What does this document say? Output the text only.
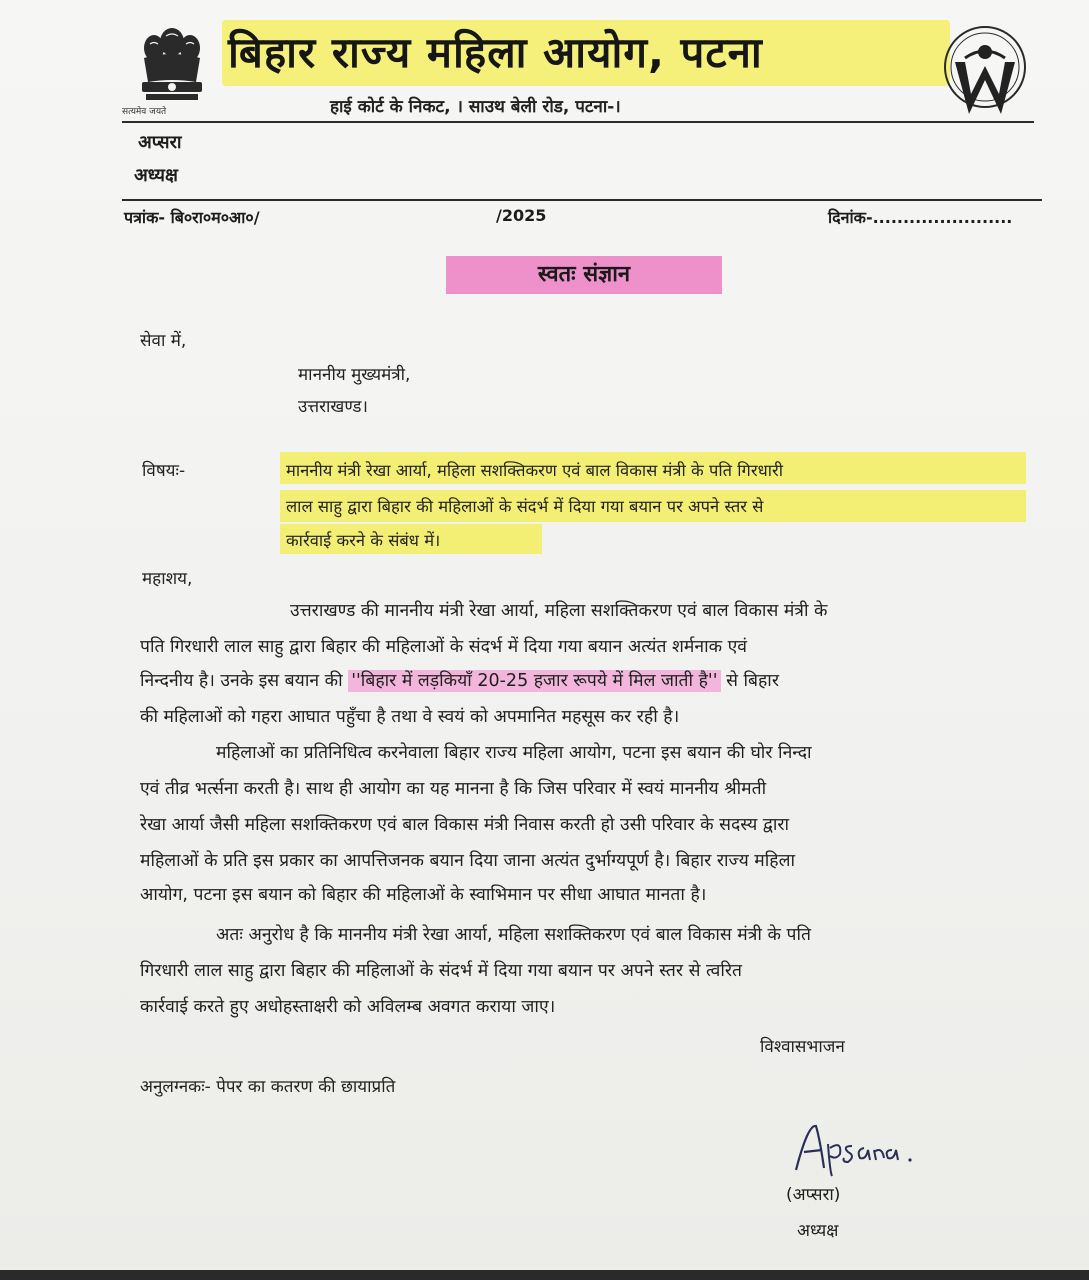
सत्यमेव जयते
बिहार राज्य महिला आयोग, पटना
हाई कोर्ट के निकट, । साउथ बेली रोड, पटना-।
अप्सरा
अध्यक्ष
पत्रांक- बि०रा०म०आ०/	/2025	दिनांक-.......................
स्वतः संज्ञान
सेवा में,
माननीय मुख्यमंत्री,
उत्तराखण्ड।
विषयः-	माननीय मंत्री रेखा आर्या, महिला सशक्तिकरण एवं बाल विकास मंत्री के पति गिरधारी
लाल साहु द्वारा बिहार की महिलाओं के संदर्भ में दिया गया बयान पर अपने स्तर से
कार्रवाई करने के संबंध में।
महाशय,
उत्तराखण्ड की माननीय मंत्री रेखा आर्या, महिला सशक्तिकरण एवं बाल विकास मंत्री के
पति गिरधारी लाल साहु द्वारा बिहार की महिलाओं के संदर्भ में दिया गया बयान अत्यंत शर्मनाक एवं
निन्दनीय है। उनके इस बयान की ''बिहार में लड़कियाँ 20-25 हजार रूपये में मिल जाती है'' से बिहार
की महिलाओं को गहरा आघात पहुँचा है तथा वे स्वयं को अपमानित महसूस कर रही है।
महिलाओं का प्रतिनिधित्व करनेवाला बिहार राज्य महिला आयोग, पटना इस बयान की घोर निन्दा
एवं तीव्र भर्त्सना करती है। साथ ही आयोग का यह मानना है कि जिस परिवार में स्वयं माननीय श्रीमती
रेखा आर्या जैसी महिला सशक्तिकरण एवं बाल विकास मंत्री निवास करती हो उसी परिवार के सदस्य द्वारा
महिलाओं के प्रति इस प्रकार का आपत्तिजनक बयान दिया जाना अत्यंत दुर्भाग्यपूर्ण है। बिहार राज्य महिला
आयोग, पटना इस बयान को बिहार की महिलाओं के स्वाभिमान पर सीधा आघात मानता है।
अतः अनुरोध है कि माननीय मंत्री रेखा आर्या, महिला सशक्तिकरण एवं बाल विकास मंत्री के पति
गिरधारी लाल साहु द्वारा बिहार की महिलाओं के संदर्भ में दिया गया बयान पर अपने स्तर से त्वरित
कार्रवाई करते हुए अधोहस्ताक्षरी को अविलम्ब अवगत कराया जाए।
विश्वासभाजन
अनुलग्नकः- पेपर का कतरण की छायाप्रति
(अप्सरा)
अध्यक्ष
